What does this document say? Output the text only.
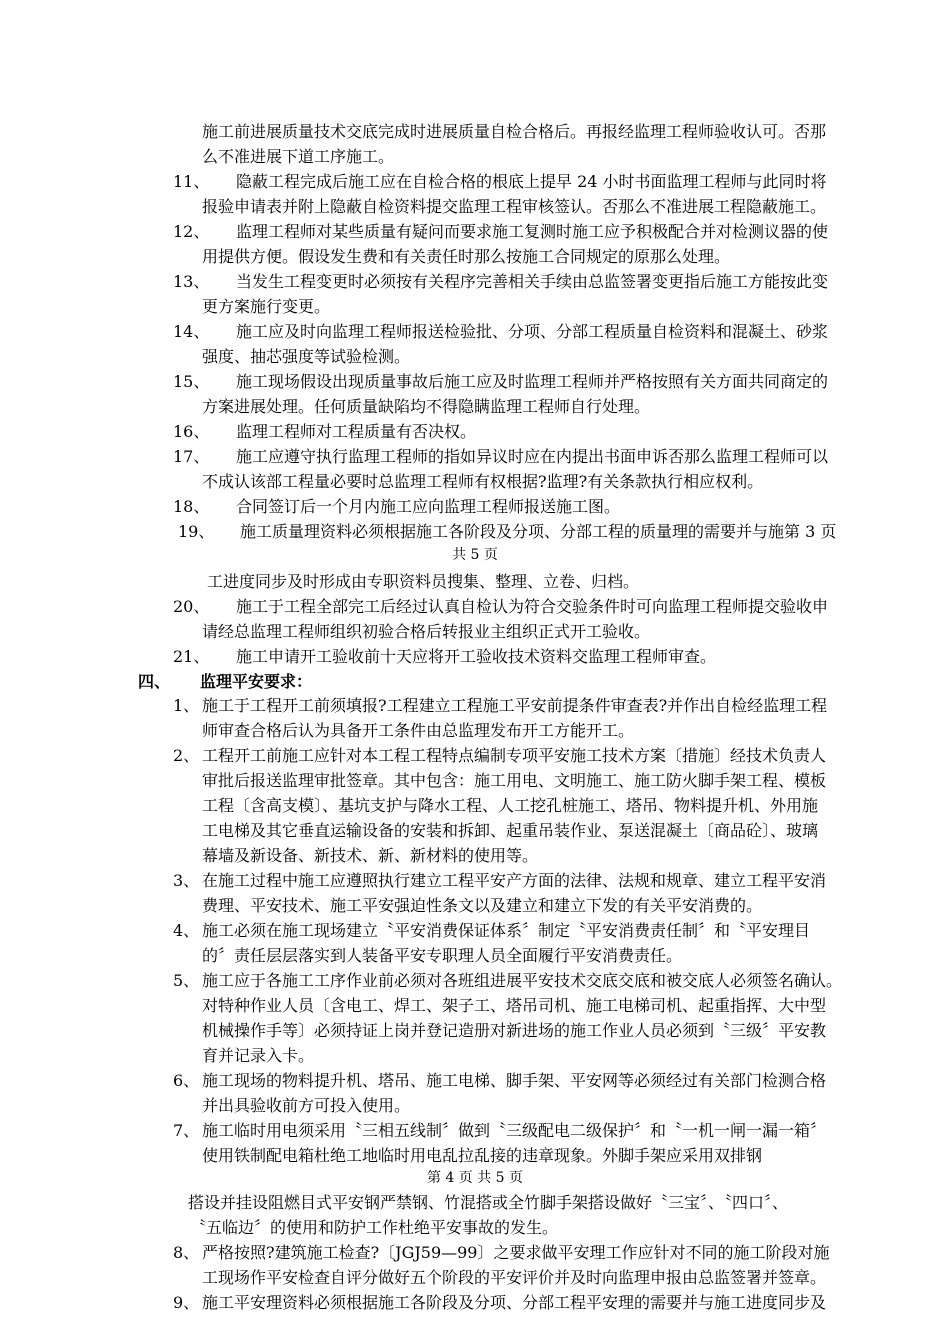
施工前进展质量技术交底完成时进展质量自检合格后。再报经监理工程师验收认可。否那
么不准进展下道工序施工。
11、 隐蔽工程完成后施工应在自检合格的根底上提早 24 小时书面监理工程师与此同时将
报验申请表并附上隐蔽自检资料提交监理工程审核签认。否那么不准进展工程隐蔽施工。
12、 监理工程师对某些质量有疑问而要求施工复测时施工应予积极配合并对检测议器的使
用提供方便。假设发生费和有关责任时那么按施工合同规定的原那么处理。
13、 当发生工程变更时必须按有关程序完善相关手续由总监签署变更指后施工方能按此变
更方案施行变更。
14、 施工应及时向监理工程师报送检验批、分项、分部工程质量自检资料和混凝土、砂浆
强度、抽芯强度等试验检测。
15、 施工现场假设出现质量事故后施工应及时监理工程师并严格按照有关方面共同商定的
方案进展处理。任何质量缺陷均不得隐瞒监理工程师自行处理。
16、 监理工程师对工程质量有否决权。
17、 施工应遵守执行监理工程师的指如异议时应在内提出书面申诉否那么监理工程师可以
不成认该部工程量必要时总监理工程师有权根据?监理?有关条款执行相应权利。
18、 合同签订后一个月内施工应向监理工程师报送施工图。
19、 施工质量理资料必须根据施工各阶段及分项、分部工程的质量理的需要并与施第 3 页
共 5 页
工进度同步及时形成由专职资料员搜集、整理、立卷、归档。
20、 施工于工程全部完工后经过认真自检认为符合交验条件时可向监理工程师提交验收申
请经总监理工程师组织初验合格后转报业主组织正式开工验收。
21、 施工申请开工验收前十天应将开工验收技术资料交监理工程师审查。
四、 监理平安要求：
1、 施工于工程开工前须填报?工程建立工程施工平安前提条件审查表?并作出自检经监理工程
师审查合格后认为具备开工条件由总监理发布开工方能开工。
2、 工程开工前施工应针对本工程工程特点编制专项平安施工技术方案〔措施〕经技术负责人
审批后报送监理审批签章。其中包含：施工用电、文明施工、施工防火脚手架工程、模板
工程〔含高支模〕、基坑支护与降水工程、人工挖孔桩施工、塔吊、物料提升机、外用施
工电梯及其它垂直运输设备的安装和拆卸、起重吊装作业、泵送混凝土〔商品砼〕、玻璃
幕墙及新设备、新技术、新、新材料的使用等。
3、 在施工过程中施工应遵照执行建立工程平安产方面的法律、法规和规章、建立工程平安消
费理、平安技术、施工平安强迫性条文以及建立和建立下发的有关平安消费的。
4、 施工必须在施工现场建立〝平安消费保证体系〞制定〝平安消费责任制〞和〝平安理目
的〞责任层层落实到人装备平安专职理人员全面履行平安消费责任。
5、 施工应于各施工工序作业前必须对各班组进展平安技术交底交底和被交底人必须签名确认。
对特种作业人员〔含电工、焊工、架子工、塔吊司机、施工电梯司机、起重指挥、大中型
机械操作手等〕必须持证上岗并登记造册对新进场的施工作业人员必须到〝三级〞平安教
育并记录入卡。
6、 施工现场的物料提升机、塔吊、施工电梯、脚手架、平安网等必须经过有关部门检测合格
并出具验收前方可投入使用。
7、 施工临时用电须采用〝三相五线制〞做到〝三级配电二级保护〞和〝一机一闸一漏一箱〞
使用铁制配电箱杜绝工地临时用电乱拉乱接的违章现象。外脚手架应采用双排钢
第 4 页 共 5 页
搭设并挂设阻燃目式平安钢严禁钢、竹混搭或全竹脚手架搭设做好〝三宝〞、〝四口〞、
〝五临边〞的使用和防护工作杜绝平安事故的发生。
8、 严格按照?建筑施工检查?〔JGJ59—99〕之要求做平安理工作应针对不同的施工阶段对施
工现场作平安检查自评分做好五个阶段的平安评价并及时向监理申报由总监签署并签章。
9、 施工平安理资料必须根据施工各阶段及分项、分部工程平安理的需要并与施工进度同步及
